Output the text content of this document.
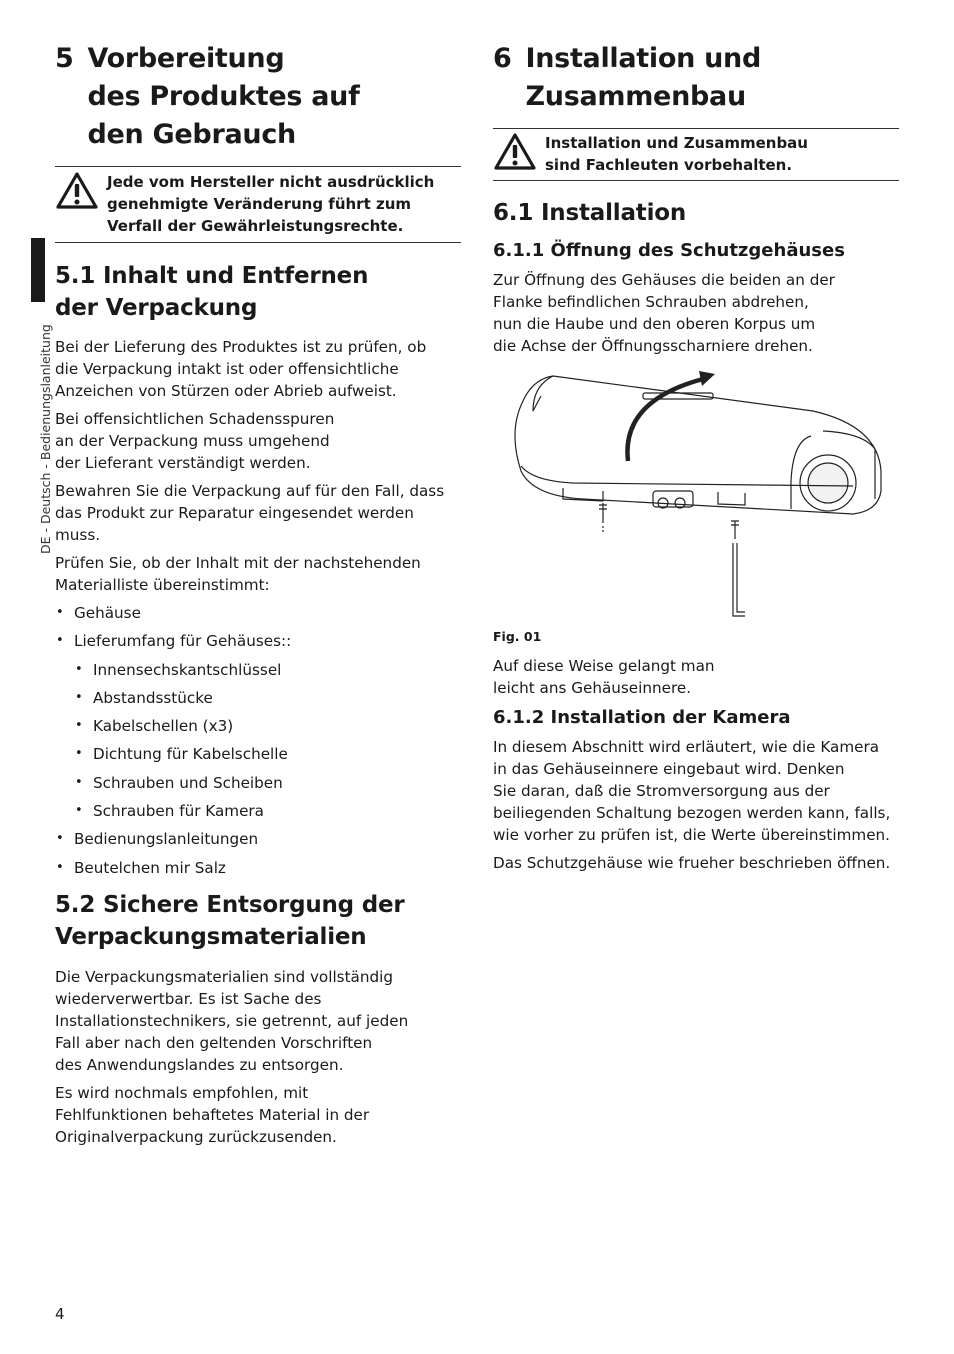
DE - Deutsch - Bedienungslanleitung
5 Vorbereitung
des Produktes auf
den Gebrauch
Jede vom Hersteller nicht ausdrücklich
genehmigte Veränderung führt zum
Verfall der Gewährleistungsrechte.
5.1 Inhalt und Entfernen
der Verpackung

Bei der Lieferung des Produktes ist zu prüfen, ob
die Verpackung intakt ist oder offensichtliche
Anzeichen von Stürzen oder Abrieb aufweist.

Bei offensichtlichen Schadensspuren
an der Verpackung muss umgehend
der Lieferant verständigt werden.

Bewahren Sie die Verpackung auf für den Fall, dass
das Produkt zur Reparatur eingesendet werden muss.

Prüfen Sie, ob der Inhalt mit der nachstehenden
Materialliste übereinstimmt:

• Gehäuse
• Lieferumfang für Gehäuses::
• Innensechskantschlüssel
• Abstandsstücke
• Kabelschellen (x3)
• Dichtung für Kabelschelle
• Schrauben und Scheiben
• Schrauben für Kamera
• Bedienungslanleitungen
• Beutelchen mir Salz
5.2 Sichere Entsorgung der
Verpackungsmaterialien

Die Verpackungsmaterialien sind vollständig
wiederverwertbar. Es ist Sache des
Installationstechnikers, sie getrennt, auf jeden
Fall aber nach den geltenden Vorschriften
des Anwendungslandes zu entsorgen.

Es wird nochmals empfohlen, mit
Fehlfunktionen behaftetes Material in der
Originalverpackung zurückzusenden.

6 Installation und
Zusammenbau
Installation und Zusammenbau
sind Fachleuten vorbehalten.
6.1 Installation
6.1.1 Öffnung des Schutzgehäuses

Zur Öffnung des Gehäuses die beiden an der
Flanke befindlichen Schrauben abdrehen,
nun die Haube und den oberen Korpus um
die Achse der Öffnungsscharniere drehen.

Fig. 01

Auf diese Weise gelangt man
leicht ans Gehäuseinnere.

6.1.2 Installation der Kamera

In diesem Abschnitt wird erläutert, wie die Kamera
in das Gehäuseinnere eingebaut wird. Denken
Sie daran, daß die Stromversorgung aus der
beiliegenden Schaltung bezogen werden kann, falls,
wie vorher zu prüfen ist, die Werte übereinstimmen.

Das Schutzgehäuse wie frueher beschrieben öffnen.

4
